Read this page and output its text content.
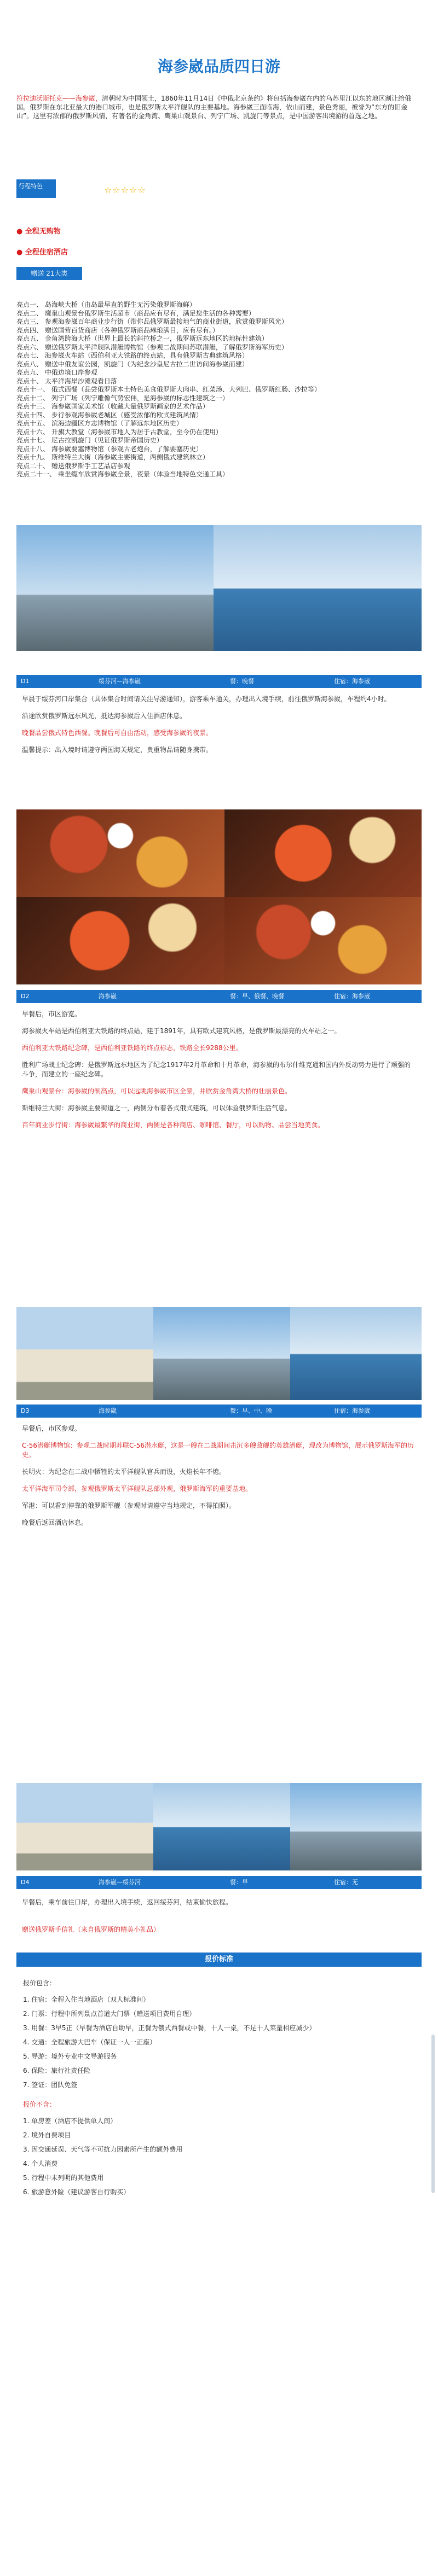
海参崴品质四日游
符拉迪沃斯托克——海参崴，清朝时为中国领土，1860年11月14日《中俄北京条约》将包括海参崴在内的乌苏里江以东的地区割让给俄国。俄罗斯在东北亚最大的港口城市，也是俄罗斯太平洋舰队的主要基地。海参崴三面临海，依山而建，景色秀丽，被誉为“东方的旧金山”。这里有浓郁的俄罗斯风情，有著名的金角湾、鹰巢山观景台、列宁广场、凯旋门等景点，是中国游客出境游的首选之地。
行程特色	☆☆☆☆☆
● 全程无购物
● 全程住宿酒店
赠送 21大类
亮点一、 岛海峡大桥（由岛最早直的野生无污染俄罗斯海鲜）
亮点二、 鹰巢山观景台俄罗斯生活超市（商品应有尽有，满足您生活的各种需要）
亮点三、 参观海参崴百年商业步行街（带你品俄罗斯最接地气的商业街道，欣赏俄罗斯风光）
亮点四、 赠送国营百货商店（各种俄罗斯商品琳琅满目，应有尽有。）
亮点五、 金角湾跨海大桥（世界上最长的斜拉桥之一，俄罗斯远东地区的地标性建筑）
亮点六、 赠送俄罗斯太平洋舰队潜艇博物馆（参观二战期间苏联潜艇，了解俄罗斯海军历史）
亮点七、 海参崴火车站（西伯利亚大铁路的终点站，具有俄罗斯古典建筑风格）
亮点八、 赠送中俄友谊公园，凯旋门（为纪念沙皇尼古拉二世访问海参崴而建）
亮点九、 中俄边境口岸参观
亮点十、 太平洋海岸沙滩观看日落
亮点十一、 俄式西餐（品尝俄罗斯本土特色美食俄罗斯大肉串、红菜汤、大列巴、俄罗斯红肠、沙拉等）
亮点十二、 列宁广场（列宁雕像气势宏伟，是海参崴的标志性建筑之一）
亮点十三、 海参崴国家美术馆（收藏大量俄罗斯画家的艺术作品）
亮点十四、 步行参观海参崴老城区（感受浓郁的欧式建筑风情）
亮点十五、 滨海边疆区方志博物馆（了解远东地区历史）
亮点十六、 升旗大教堂（海参崴市地人为居于古教堂，至今仍在使用）
亮点十七、 尼古拉凯旋门（见证俄罗斯帝国历史）
亮点十八、 海参崴要塞博物馆（参观古老炮台，了解要塞历史）
亮点十九、 斯维特兰大街（海参崴主要街道，两侧俄式建筑林立）
亮点二十、 赠送俄罗斯手工艺品店参观
亮点二十一、 乘坐缆车欣赏海参崴全景，夜景（体验当地特色交通工具）
D1	绥芬河—海参崴	餐：晚餐	住宿：海参崴

早晨于绥芬河口岸集合（具体集合时间请关注导游通知），游客乘车通关，办理出入境手续，前往俄罗斯海参崴，车程约4小时。

沿途欣赏俄罗斯远东风光，抵达海参崴后入住酒店休息。

晚餐品尝俄式特色西餐。晚餐后可自由活动，感受海参崴的夜景。

温馨提示：出入境时请遵守两国海关规定，贵重物品请随身携带。

D2	海参崴	餐：早、俄餐、晚餐	住宿：海参崴

早餐后，市区游览。

海参崴火车站是西伯利亚大铁路的终点站，建于1891年，具有欧式建筑风格，是俄罗斯最漂亮的火车站之一。

西伯利亚大铁路纪念碑，是西伯利亚铁路的终点标志，铁路全长9288公里。

胜利广场战士纪念碑：是俄罗斯远东地区为了纪念1917年2月革命和十月革命，海参崴的布尔什维克通和国内外反动势力进行了顽强的斗争，而建立的一座纪念碑。

鹰巢山观景台：海参崴的制高点，可以远眺海参崴市区全景，并欣赏金角湾大桥的壮丽景色。

斯维特兰大街：海参崴主要街道之一，两侧分布着各式俄式建筑，可以体验俄罗斯生活气息。

百年商业步行街：海参崴最繁华的商业街，两侧是各种商店、咖啡馆、餐厅，可以购物、品尝当地美食。

D3	海参崴	餐：早、中、晚	住宿：海参崴

早餐后，市区参观。

C-56潜艇博物馆：参观二战时期苏联C-56潜水艇，这是一艘在二战期间击沉多艘敌舰的英雄潜艇，现改为博物馆，展示俄罗斯海军的历史。

长明火：为纪念在二战中牺牲的太平洋舰队官兵而设，火焰长年不熄。

太平洋海军司令部，参观俄罗斯太平洋舰队总部外观，俄罗斯海军的重要基地。

军港：可以看到停靠的俄罗斯军舰（参观时请遵守当地规定，不得拍照）。

晚餐后返回酒店休息。

D4	海参崴—绥芬河	餐：早	住宿：无

早餐后，乘车前往口岸，办理出入境手续，返回绥芬河，结束愉快旅程。

赠送俄罗斯手信礼（来自俄罗斯的精美小礼品）
报价标准

报价包含：

1. 住宿：全程入住当地酒店（双人标准间）
2. 门票：行程中所列景点首道大门票（赠送项目费用自理）
3. 用餐：3早5正（早餐为酒店自助早，正餐为俄式西餐或中餐，十人一桌，不足十人菜量相应减少）
4. 交通：全程旅游大巴车（保证一人一正座）
5. 导游：境外专业中文导游服务
6. 保险：旅行社责任险
7. 签证：团队免签

报价不含：

1. 单房差（酒店不提供单人间）
2. 境外自费项目
3. 因交通延误、天气等不可抗力因素所产生的额外费用
4. 个人消费
5. 行程中未列明的其他费用
6. 旅游意外险（建议游客自行购买）
